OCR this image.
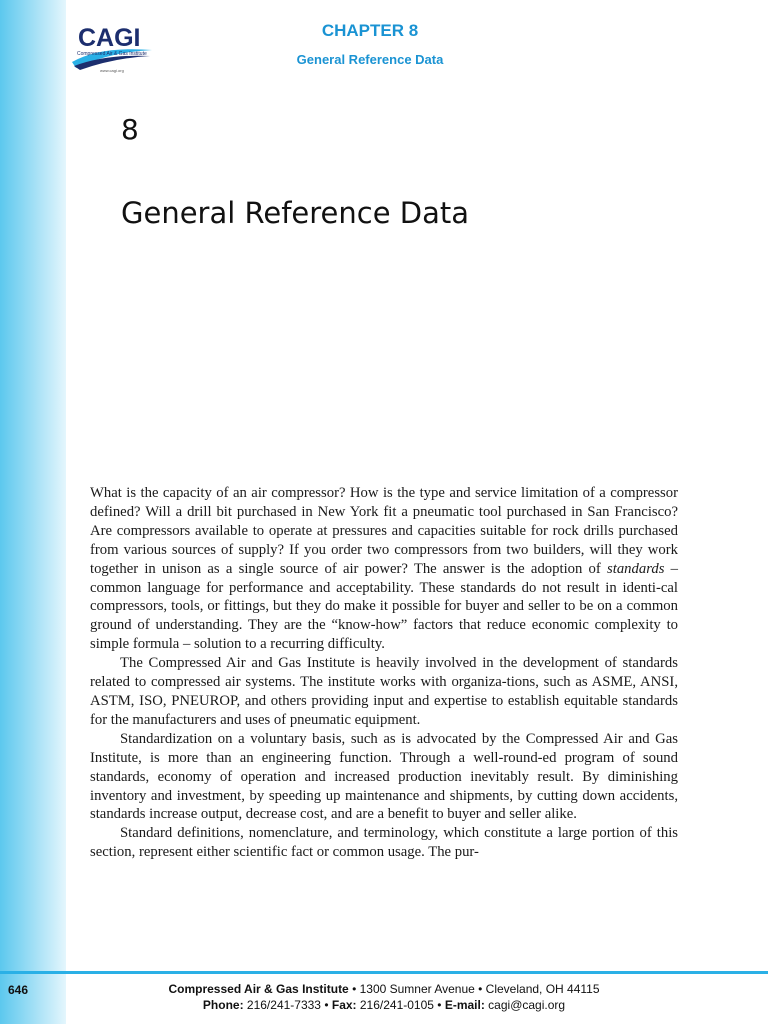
CAGI
Compressed Air & Gas Institute
www.cagi.org
CHAPTER 8
General Reference Data
8
General Reference Data

What is the capacity of an air compressor? How is the type and service limitation of a compressor defined? Will a drill bit purchased in New York fit a pneumatic tool purchased in San Francisco? Are compressors available to operate at pressures and capacities suitable for rock drills purchased from various sources of supply? If you order two compressors from two builders, will they work together in unison as a single source of air power? The answer is the adoption of standards – common language for performance and acceptability. These standards do not result in identi-cal compressors, tools, or fittings, but they do make it possible for buyer and seller to be on a common ground of understanding. They are the “know-how” factors that reduce economic complexity to simple formula – solution to a recurring difficulty.

The Compressed Air and Gas Institute is heavily involved in the development of standards related to compressed air systems. The institute works with organiza-tions, such as ASME, ANSI, ASTM, ISO, PNEUROP, and others providing input and expertise to establish equitable standards for the manufacturers and uses of pneumatic equipment.

Standardization on a voluntary basis, such as is advocated by the Compressed Air and Gas Institute, is more than an engineering function. Through a well-round-ed program of sound standards, economy of operation and increased production inevitably result. By diminishing inventory and investment, by speeding up maintenance and shipments, by cutting down accidents, standards increase output, decrease cost, and are a benefit to buyer and seller alike.

Standard definitions, nomenclature, and terminology, which constitute a large portion of this section, represent either scientific fact or common usage. The pur-

646	Compressed Air & Gas Institute • 1300 Sumner Avenue • Cleveland, OH 44115
Phone: 216/241-7333 • Fax: 216/241-0105 • E-mail: cagi@cagi.org
